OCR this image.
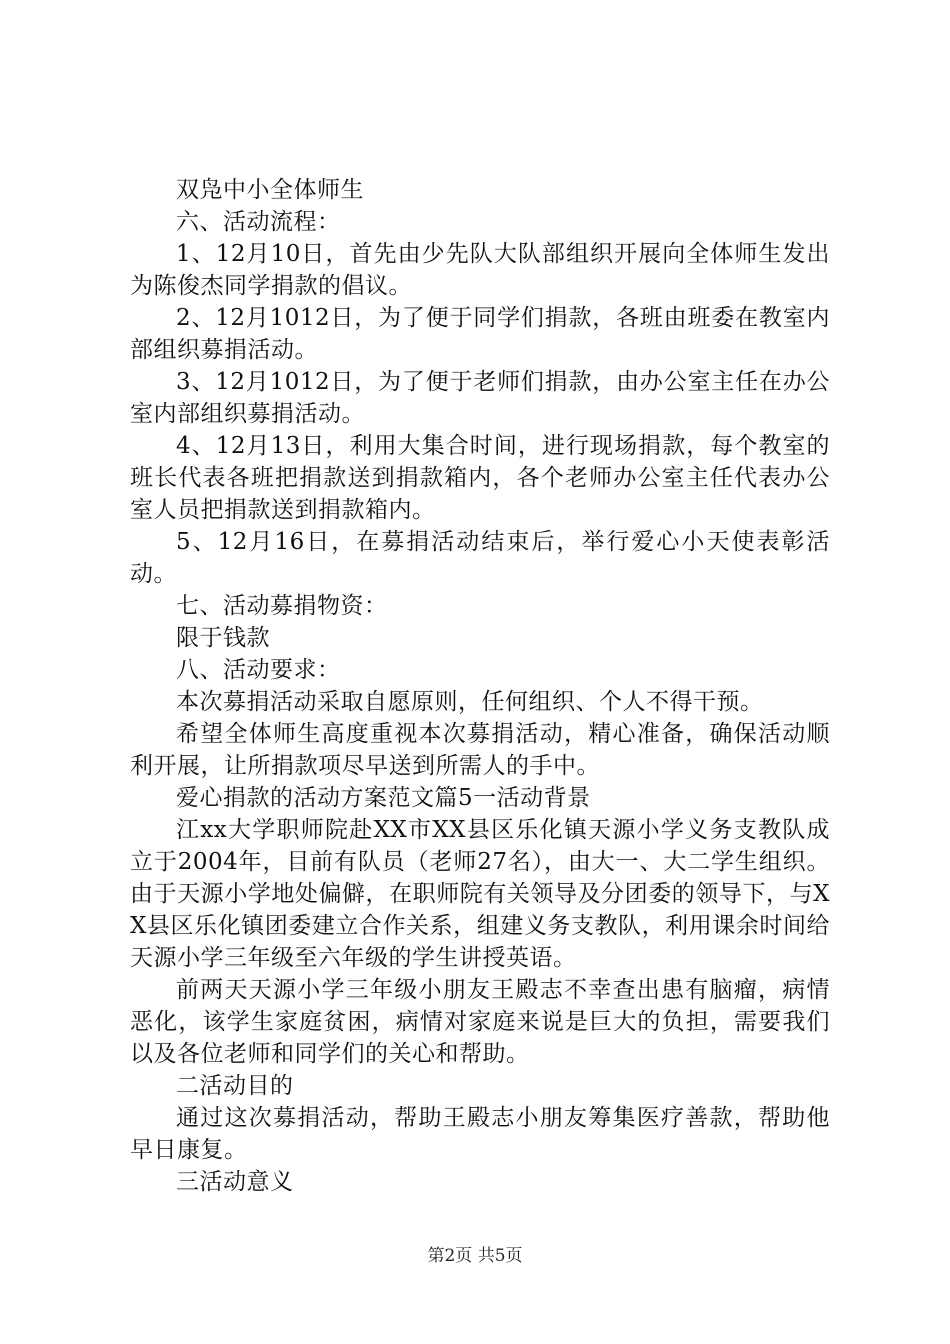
双凫中小全体师生

六、活动流程：

1、12月10日，首先由少先队大队部组织开展向全体师生发出为陈俊杰同学捐款的倡议。

2、12月1012日，为了便于同学们捐款，各班由班委在教室内部组织募捐活动。

3、12月1012日，为了便于老师们捐款，由办公室主任在办公室内部组织募捐活动。

4、12月13日，利用大集合时间，进行现场捐款，每个教室的班长代表各班把捐款送到捐款箱内，各个老师办公室主任代表办公室人员把捐款送到捐款箱内。

5、12月16日，在募捐活动结束后，举行爱心小天使表彰活动。

七、活动募捐物资：

限于钱款

八、活动要求：

本次募捐活动采取自愿原则，任何组织、个人不得干预。

希望全体师生高度重视本次募捐活动，精心准备，确保活动顺利开展，让所捐款项尽早送到所需人的手中。

爱心捐款的活动方案范文篇5一活动背景

江xx大学职师院赴XX市XX县区乐化镇天源小学义务支教队成立于2004年，目前有队员（老师27名），由大一、大二学生组织。由于天源小学地处偏僻，在职师院有关领导及分团委的领导下，与XX县区乐化镇团委建立合作关系，组建义务支教队，利用课余时间给天源小学三年级至六年级的学生讲授英语。

前两天天源小学三年级小朋友王殿志不幸查出患有脑瘤，病情恶化，该学生家庭贫困，病情对家庭来说是巨大的负担，需要我们以及各位老师和同学们的关心和帮助。

二活动目的

通过这次募捐活动，帮助王殿志小朋友筹集医疗善款，帮助他早日康复。

三活动意义

第2页 共5页
